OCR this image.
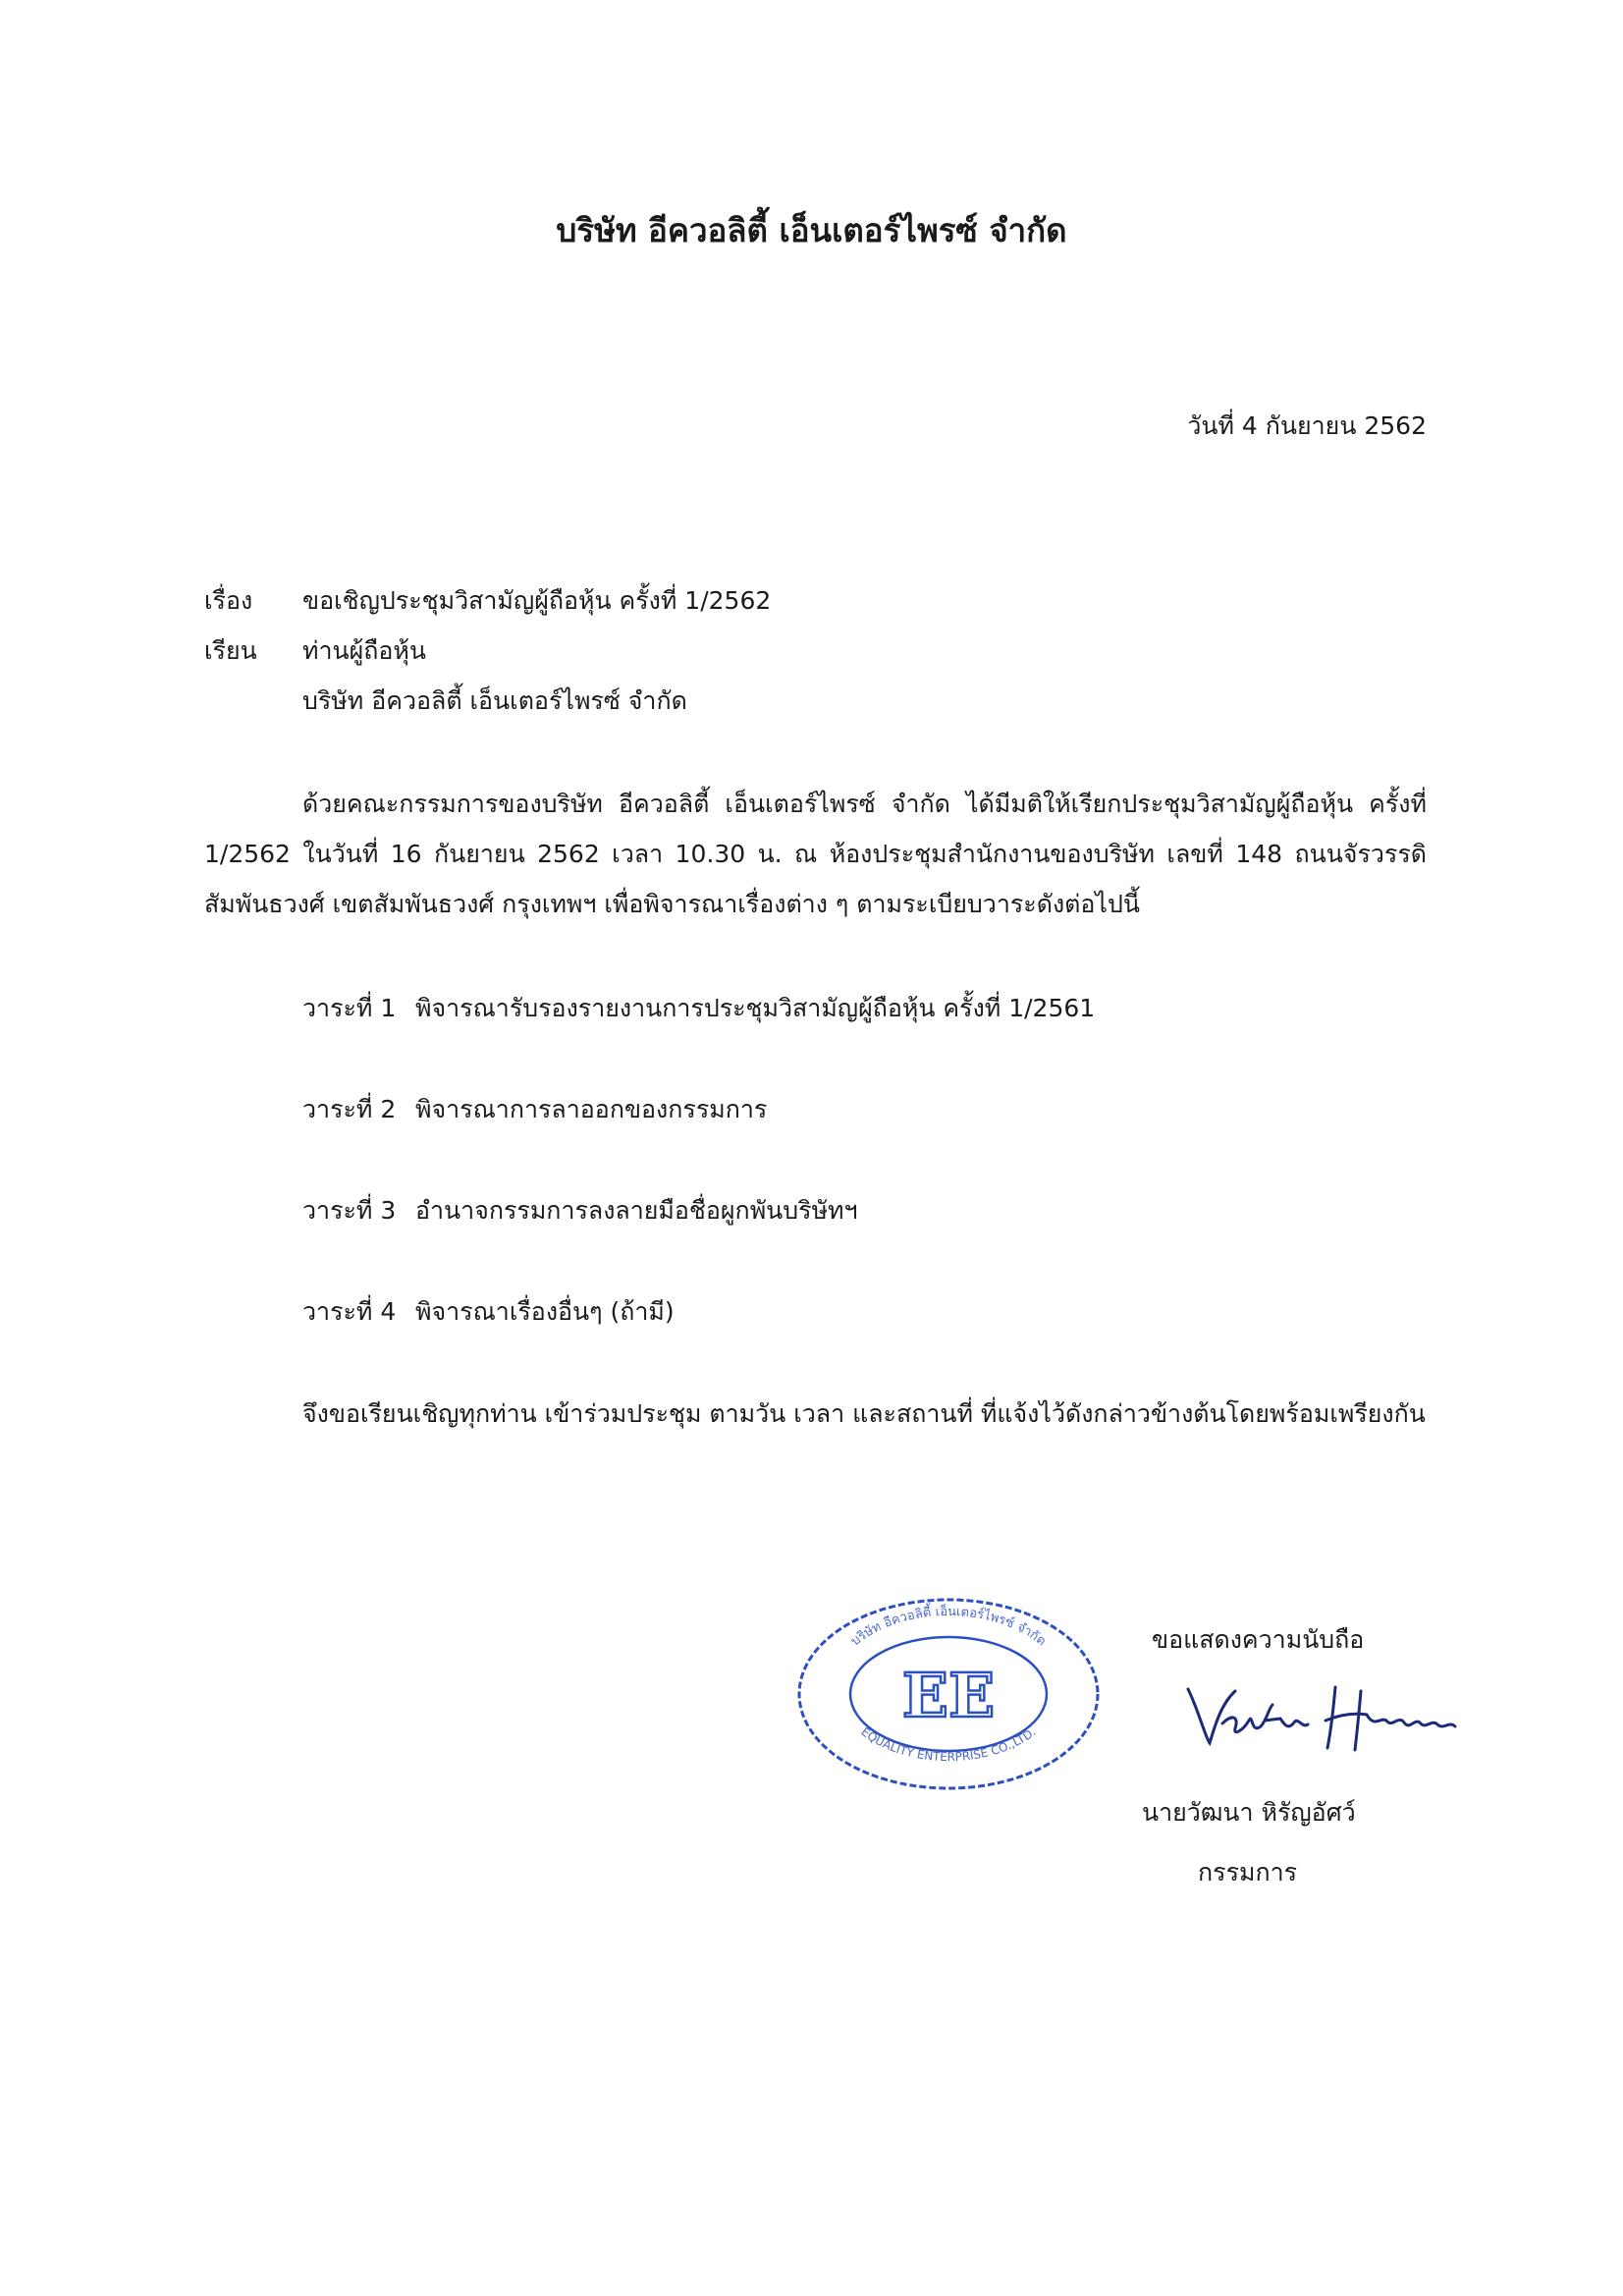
บริษัท อีควอลิตี้ เอ็นเตอร์ไพรซ์ จำกัด
วันที่ 4 กันยายน 2562
เรื่อง ขอเชิญประชุมวิสามัญผู้ถือหุ้น ครั้งที่ 1/2562
เรียน ท่านผู้ถือหุ้น
บริษัท อีควอลิตี้ เอ็นเตอร์ไพรซ์ จำกัด
ด้วยคณะกรรมการของบริษัท อีควอลิตี้ เอ็นเตอร์ไพรซ์ จำกัด ได้มีมติให้เรียกประชุมวิสามัญผู้ถือหุ้น ครั้งที่ 1/2562 ในวันที่ 16 กันยายน 2562 เวลา 10.30 น. ณ ห้องประชุมสำนักงานของบริษัท เลขที่ 148 ถนนจัรวรรดิ สัมพันธวงศ์ เขตสัมพันธวงศ์ กรุงเทพฯ เพื่อพิจารณาเรื่องต่าง ๆ ตามระเบียบวาระดังต่อไปนี้
วาระที่ 1 พิจารณารับรองรายงานการประชุมวิสามัญผู้ถือหุ้น ครั้งที่ 1/2561
วาระที่ 2 พิจารณาการลาออกของกรรมการ
วาระที่ 3 อำนาจกรรมการลงลายมือชื่อผูกพันบริษัทฯ
วาระที่ 4 พิจารณาเรื่องอื่นๆ (ถ้ามี)
จึงขอเรียนเชิญทุกท่าน เข้าร่วมประชุม ตามวัน เวลา และสถานที่ ที่แจ้งไว้ดังกล่าวข้างต้นโดยพร้อมเพรียงกัน
บริษัท อีควอลิตี้ เอ็นเตอร์ไพรซ์ จำกัด
EQUALITY ENTERPRISE CO.,LTD.
EE
ขอแสดงความนับถือ
นายวัฒนา หิรัญอัศว์
กรรมการ
